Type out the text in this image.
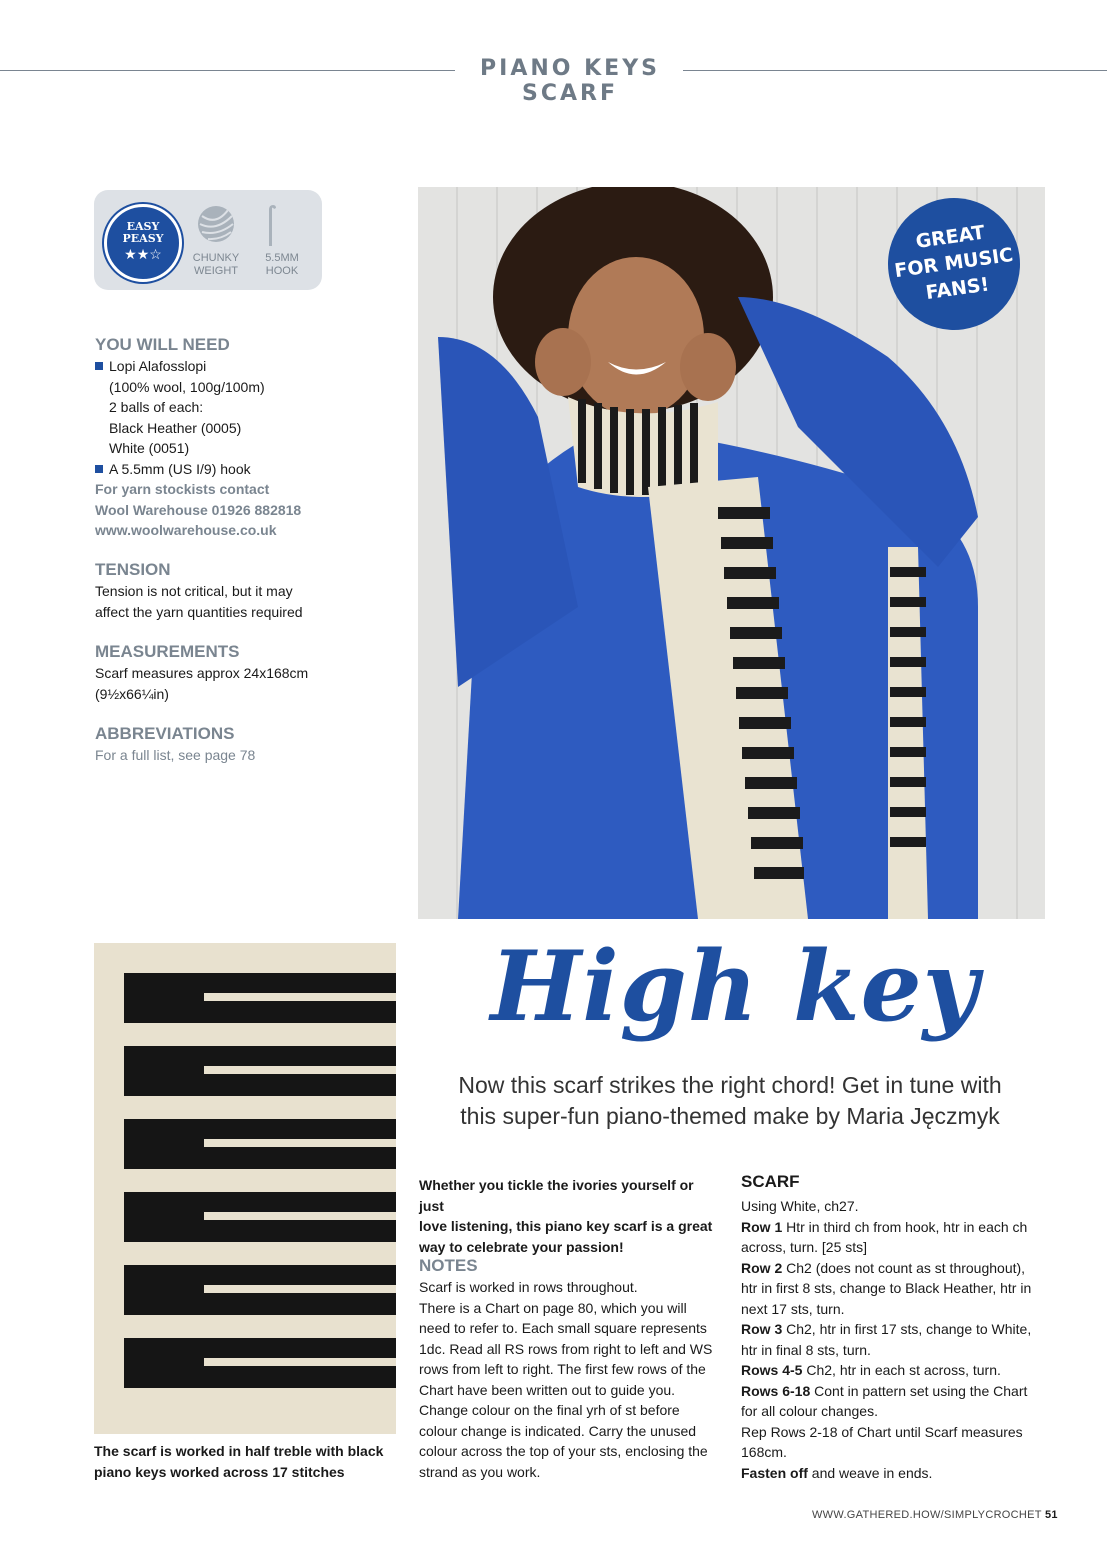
PIANO KEYS SCARF
EASY
PEASY
★★☆	CHUNKY
WEIGHT
5.5MM
HOOK
YOU WILL NEED
Lopi Alafosslopi
(100% wool, 100g/100m)
2 balls of each:
Black Heather (0005)
White (0051)
A 5.5mm (US I/9) hook
For yarn stockists contact
Wool Warehouse 01926 882818
www.woolwarehouse.co.uk
TENSION
Tension is not critical, but it may
affect the yarn quantities required
MEASUREMENTS
Scarf measures approx 24x168cm
(9½x66¼in)
ABBREVIATIONS
For a full list, see page 78
GREAT
FOR MUSIC
FANS!
The scarf is worked in half treble with black
piano keys worked across 17 stitches
High key
Now this scarf strikes the right chord! Get in tune with
this super-fun piano-themed make by Maria Jęczmyk
Whether you tickle the ivories yourself or just
love listening, this piano key scarf is a great
way to celebrate your passion!
NOTES
Scarf is worked in rows throughout.
There is a Chart on page 80, which you will
need to refer to. Each small square represents
1dc. Read all RS rows from right to left and WS
rows from left to right. The first few rows of the
Chart have been written out to guide you.
Change colour on the final yrh of st before
colour change is indicated. Carry the unused
colour across the top of your sts, enclosing the
strand as you work.
SCARF
Using White, ch27.
Row 1 Htr in third ch from hook, htr in each ch
across, turn. [25 sts]
Row 2 Ch2 (does not count as st throughout),
htr in first 8 sts, change to Black Heather, htr in
next 17 sts, turn.
Row 3 Ch2, htr in first 17 sts, change to White,
htr in final 8 sts, turn.
Rows 4-5 Ch2, htr in each st across, turn.
Rows 6-18 Cont in pattern set using the Chart
for all colour changes.
Rep Rows 2-18 of Chart until Scarf measures
168cm.
Fasten off and weave in ends.
WWW.GATHERED.HOW/SIMPLYCROCHET 51
